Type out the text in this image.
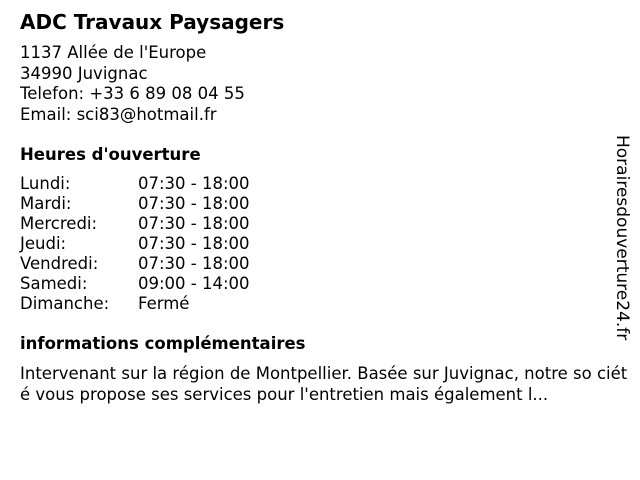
ADC Travaux Paysagers
1137 Allée de l'Europe
34990 Juvignac
Telefon: +33 6 89 08 04 55
Email: sci83@hotmail.fr
Heures d'ouverture
Lundi:	07:30 - 18:00
Mardi:	07:30 - 18:00
Mercredi:	07:30 - 18:00
Jeudi:	07:30 - 18:00
Vendredi:	07:30 - 18:00
Samedi:	09:00 - 14:00
Dimanche:	Fermé
informations complémentaires
Intervenant sur la région de Montpellier. Basée sur Juvignac, notre so ciété vous propose ses services pour l'entretien mais également l...
Horairesdouverture24.fr
